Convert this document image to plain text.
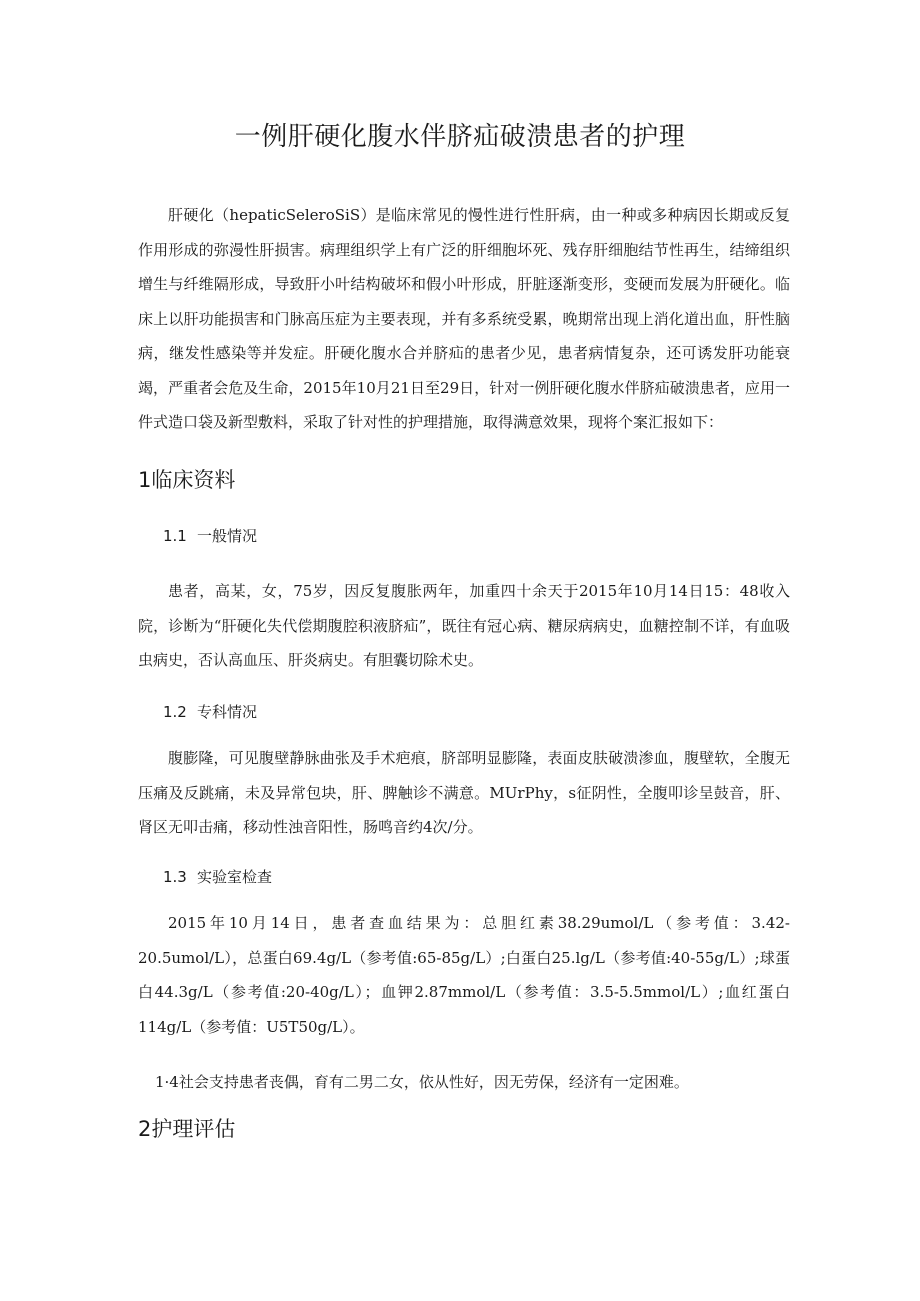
一例肝硬化腹水伴脐疝破溃患者的护理

肝硬化（hepaticSeleroSiS）是临床常见的慢性进行性肝病，由一种或多种病因长期或反复作用形成的弥漫性肝损害。病理组织学上有广泛的肝细胞坏死、残存肝细胞结节性再生，结缔组织增生与纤维隔形成，导致肝小叶结构破坏和假小叶形成，肝脏逐渐变形，变硬而发展为肝硬化。临床上以肝功能损害和门脉高压症为主要表现，并有多系统受累，晚期常出现上消化道出血，肝性脑病，继发性感染等并发症。肝硬化腹水合并脐疝的患者少见，患者病情复杂，还可诱发肝功能衰竭，严重者会危及生命，2015年10月21日至29日，针对一例肝硬化腹水伴脐疝破溃患者，应用一件式造口袋及新型敷料，采取了针对性的护理措施，取得满意效果，现将个案汇报如下：

1临床资料
1.1 一般情况

患者，高某，女，75岁，因反复腹胀两年，加重四十余天于2015年10月14日15：48收入院，诊断为“肝硬化失代偿期腹腔积液脐疝”，既往有冠心病、糖尿病病史，血糖控制不详，有血吸虫病史，否认高血压、肝炎病史。有胆囊切除术史。

1.2 专科情况

腹膨隆，可见腹壁静脉曲张及手术疤痕，脐部明显膨隆，表面皮肤破溃渗血，腹壁软，全腹无压痛及反跳痛，未及异常包块，肝、脾触诊不满意。MUrPhy，s征阴性，全腹叩诊呈鼓音，肝、肾区无叩击痛，移动性浊音阳性，肠鸣音约4次/分。

1.3 实验室检查

2015年10月14日，患者查血结果为：总胆红素38.29umol/L（参考值：3.42-20.5umol/L），总蛋白69.4g/L（参考值:65-85g/L）;白蛋白25.lg/L（参考值:40-55g/L）;球蛋白44.3g/L（参考值:20-40g/L）；血钾2.87mmol/L（参考值：3.5-5.5mmol/L）;血红蛋白114g/L（参考值：U5T50g/L）。

1·4社会支持患者丧偶，育有二男二女，依从性好，因无劳保，经济有一定困难。
2护理评估
